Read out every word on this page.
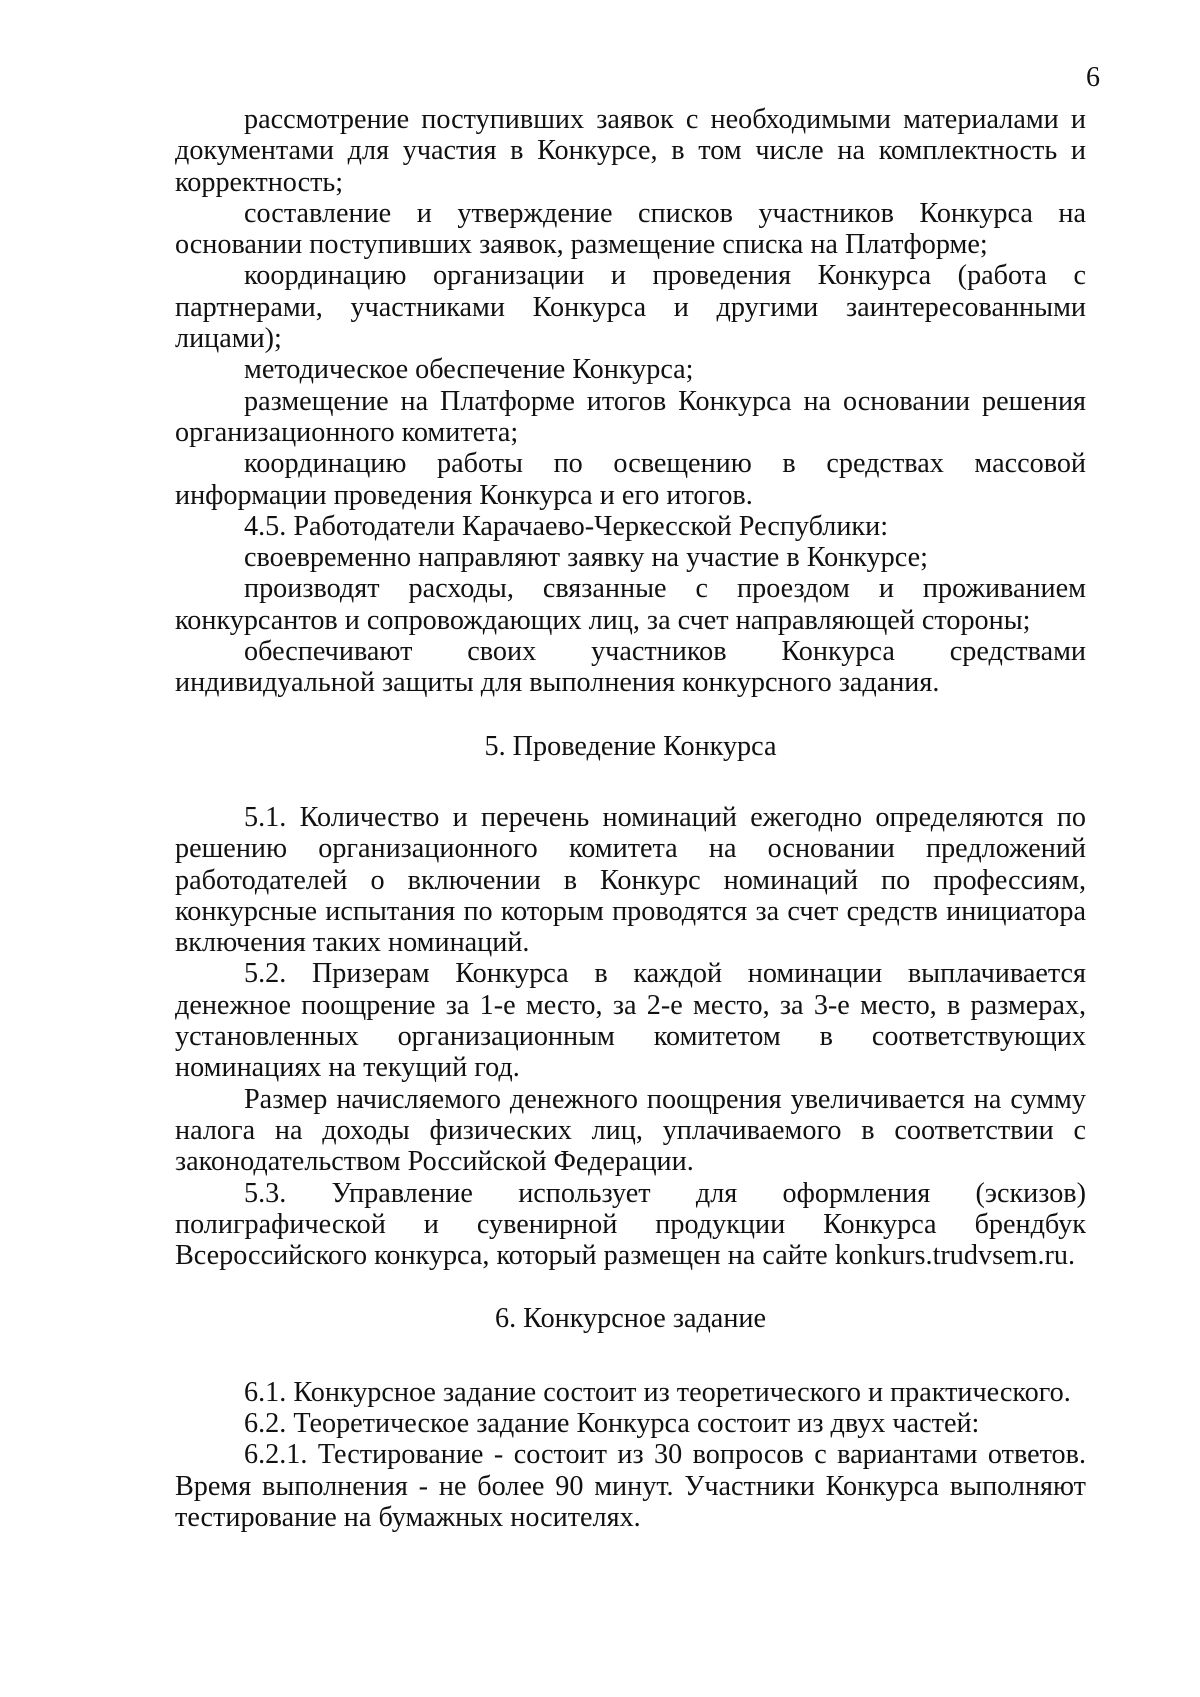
6

рассмотрение поступивших заявок с необходимыми материалами и документами для участия в Конкурсе, в том числе на комплектность и корректность;

составление и утверждение списков участников Конкурса на основании поступивших заявок, размещение списка на Платформе;

координацию организации и проведения Конкурса (работа с партнерами, участниками Конкурса и другими заинтересованными лицами);

методическое обеспечение Конкурса;

размещение на Платформе итогов Конкурса на основании решения организационного комитета;

координацию работы по освещению в средствах массовой информации проведения Конкурса и его итогов.

4.5. Работодатели Карачаево-Черкесской Республики:

своевременно направляют заявку на участие в Конкурсе;

производят расходы, связанные с проездом и проживанием конкурсантов и сопровождающих лиц, за счет направляющей стороны;

обеспечивают своих участников Конкурса средствами индивидуальной защиты для выполнения конкурсного задания.

5. Проведение Конкурса

5.1. Количество и перечень номинаций ежегодно определяются по решению организационного комитета на основании предложений работодателей о включении в Конкурс номинаций по профессиям, конкурсные испытания по которым проводятся за счет средств инициатора включения таких номинаций.

5.2. Призерам Конкурса в каждой номинации выплачивается денежное поощрение за 1-е место, за 2-е место, за 3-е место, в размерах, установленных организационным комитетом в соответствующих номинациях на текущий год.

Размер начисляемого денежного поощрения увеличивается на сумму налога на доходы физических лиц, уплачиваемого в соответствии с законодательством Российской Федерации.

5.3. Управление использует для оформления (эскизов) полиграфической и сувенирной продукции Конкурса брендбук Всероссийского конкурса, который размещен на сайте konkurs.trudvsem.ru.

6. Конкурсное задание

6.1. Конкурсное задание состоит из теоретического и практического.

6.2. Теоретическое задание Конкурса состоит из двух частей:

6.2.1. Тестирование - состоит из 30 вопросов с вариантами ответов. Время выполнения - не более 90 минут. Участники Конкурса выполняют тестирование на бумажных носителях.
